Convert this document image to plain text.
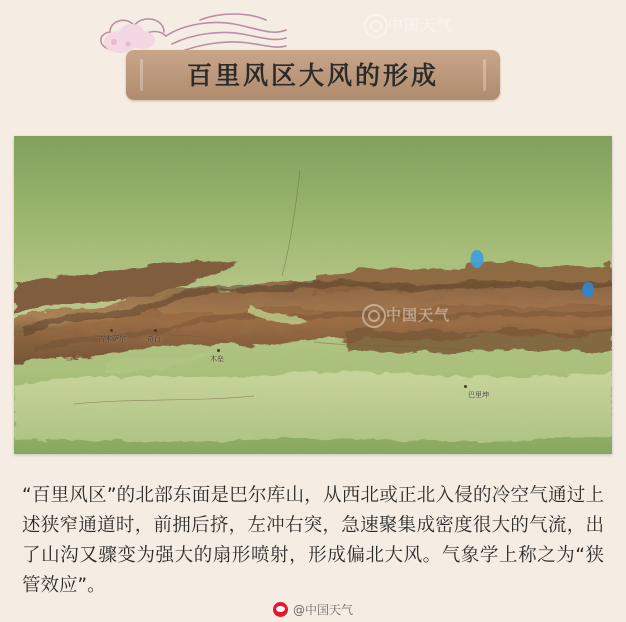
百里风区大风的形成
吉木萨尔	奇台
木垒
巴里坤
中国天气
中国天气

“百里风区”的北部东面是巴尔库山，从西北或正北入侵的冷空气通过上述狭窄通道时，前拥后挤，左冲右突，急速聚集成密度很大的气流，出了山沟又骤变为强大的扇形喷射，形成偏北大风。气象学上称之为“狭管效应”。

@中国天气
